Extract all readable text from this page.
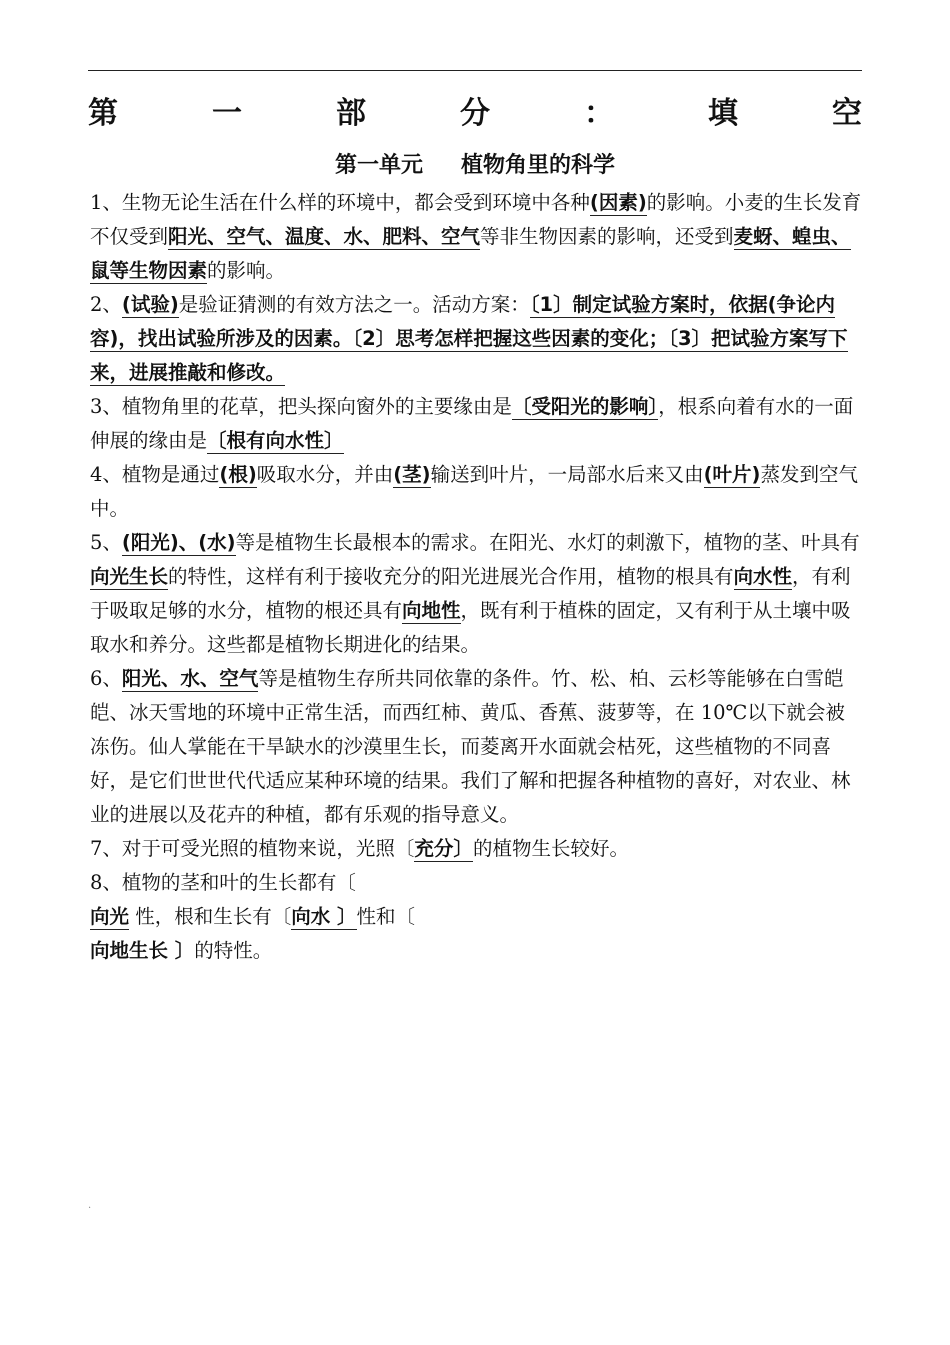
第	一	部	分	：	填	空
第一单元 植物角里的科学

1、生物无论生活在什么样的环境中，都会受到环境中各种(因素)的影响。小麦的生长发育不仅受到阳光、空气、温度、水、肥料、空气等非生物因素的影响，还受到麦蚜、蝗虫、鼠等生物因素的影响。

2、(试验)是验证猜测的有效方法之一。活动方案：〔1〕制定试验方案时，依据(争论内容)，找出试验所涉及的因素。〔2〕思考怎样把握这些因素的变化；〔3〕把试验方案写下来，进展推敲和修改。

3、植物角里的花草，把头探向窗外的主要缘由是〔受阳光的影响〕，根系向着有水的一面伸展的缘由是〔根有向水性〕

4、植物是通过(根)吸取水分，并由(茎)输送到叶片，一局部水后来又由(叶片)蒸发到空气中。

5、(阳光)、(水)等是植物生长最根本的需求。在阳光、水灯的刺激下，植物的茎、叶具有向光生长的特性，这样有利于接收充分的阳光进展光合作用，植物的根具有向水性，有利于吸取足够的水分，植物的根还具有向地性，既有利于植株的固定，又有利于从土壤中吸取水和养分。这些都是植物长期进化的结果。

6、阳光、水、空气等是植物生存所共同依靠的条件。竹、松、柏、云杉等能够在白雪皑皑、冰天雪地的环境中正常生活，而西红柿、黄瓜、香蕉、菠萝等，在 10℃以下就会被冻伤。仙人掌能在干旱缺水的沙漠里生长，而菱离开水面就会枯死，这些植物的不同喜好，是它们世世代代适应某种环境的结果。我们了解和把握各种植物的喜好，对农业、林业的进展以及花卉的种植，都有乐观的指导意义。

7、对于可受光照的植物来说，光照〔充分〕的植物生长较好。

8、植物的茎和叶的生长都有〔
向光 性，根和生长有〔向水 〕性和〔
向地生长 〕的特性。

.
